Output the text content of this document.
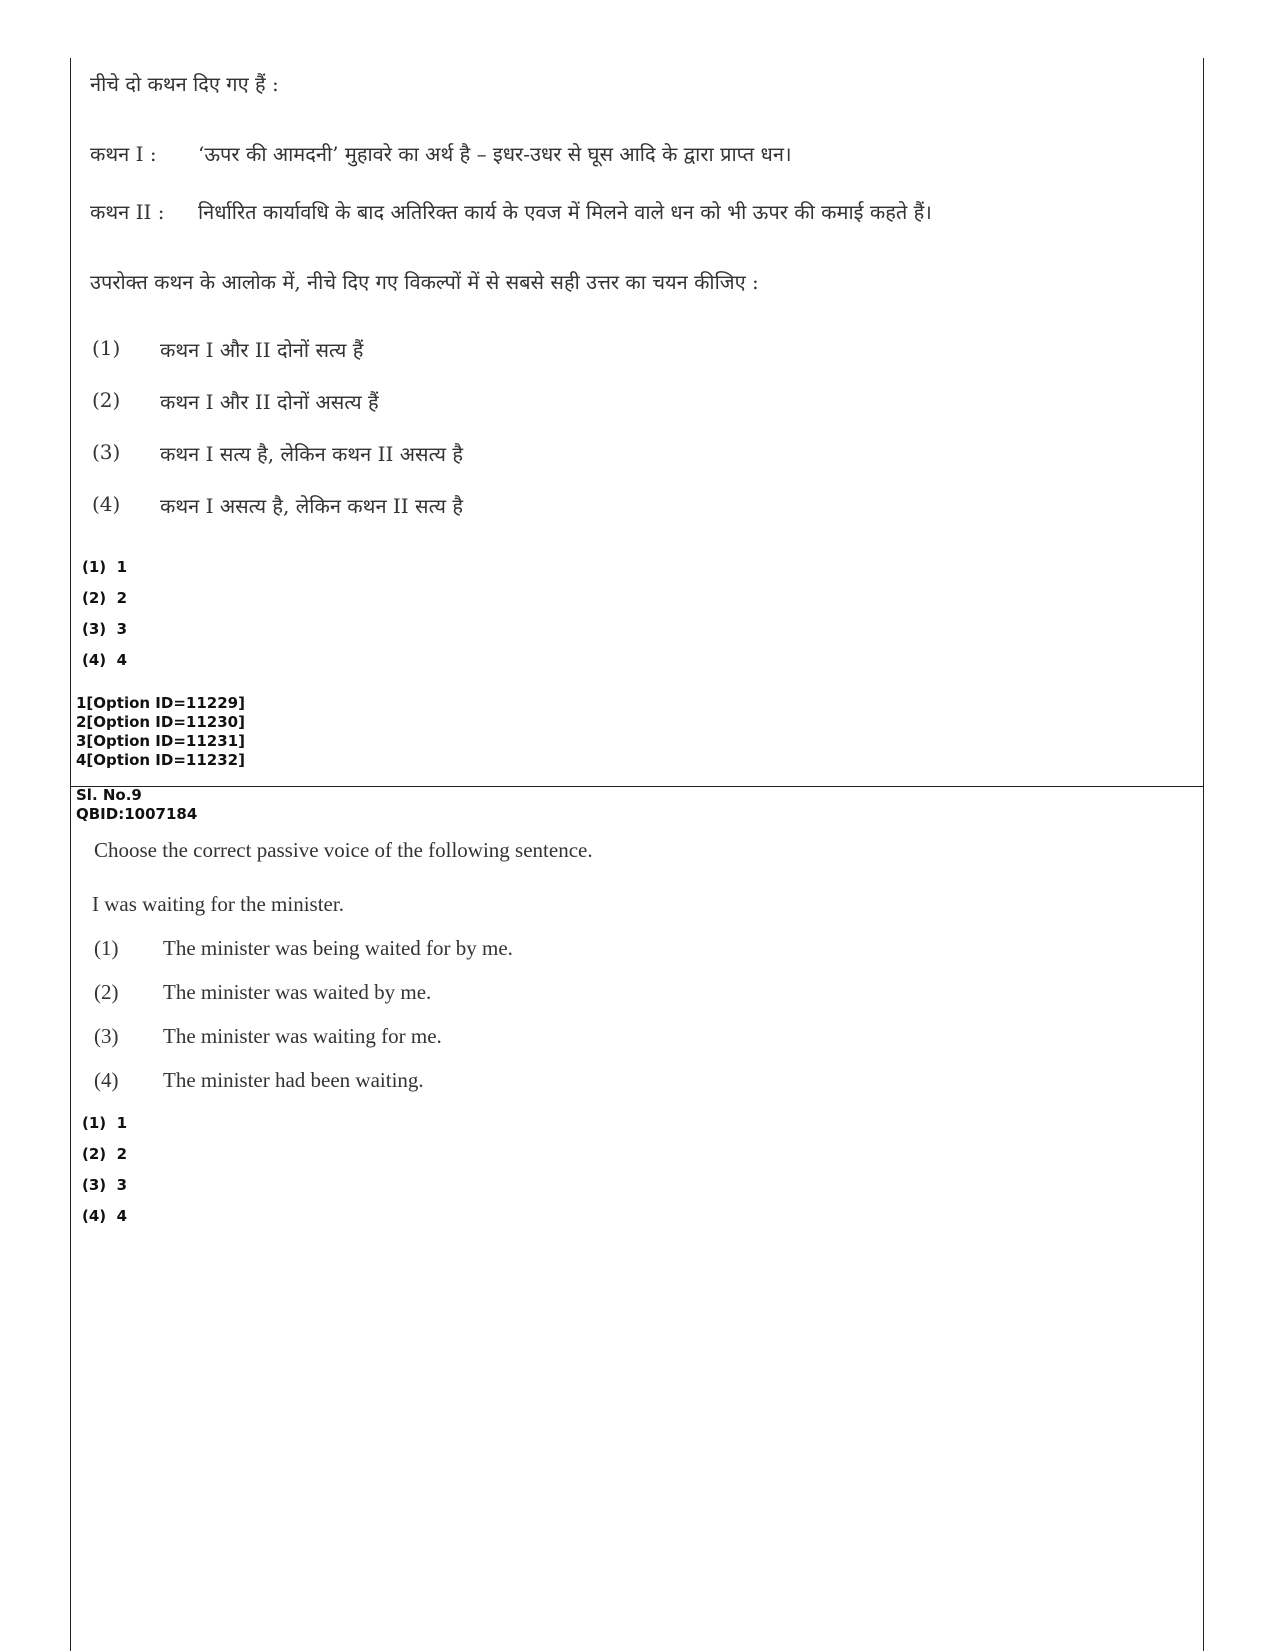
नीचे दो कथन दिए गए हैं :
कथन I : ‘ऊपर की आमदनी’ मुहावरे का अर्थ है – इधर-उधर से घूस आदि के द्वारा प्राप्त धन।
कथन II : निर्धारित कार्यावधि के बाद अतिरिक्त कार्य के एवज में मिलने वाले धन को भी ऊपर की कमाई कहते हैं।
उपरोक्त कथन के आलोक में, नीचे दिए गए विकल्पों में से सबसे सही उत्तर का चयन कीजिए :
(1) कथन I और II दोनों सत्य हैं
(2) कथन I और II दोनों असत्य हैं
(3) कथन I सत्य है, लेकिन कथन II असत्य है
(4) कथन I असत्य है, लेकिन कथन II सत्य है
(1)  1
(2)  2
(3)  3
(4)  4
1[Option ID=11229]
2[Option ID=11230]
3[Option ID=11231]
4[Option ID=11232]
Sl. No.9
QBID:1007184
Choose the correct passive voice of the following sentence.
I was waiting for the minister.
(1) The minister was being waited for by me.
(2) The minister was waited by me.
(3) The minister was waiting for me.
(4) The minister had been waiting.
(1)  1
(2)  2
(3)  3
(4)  4
